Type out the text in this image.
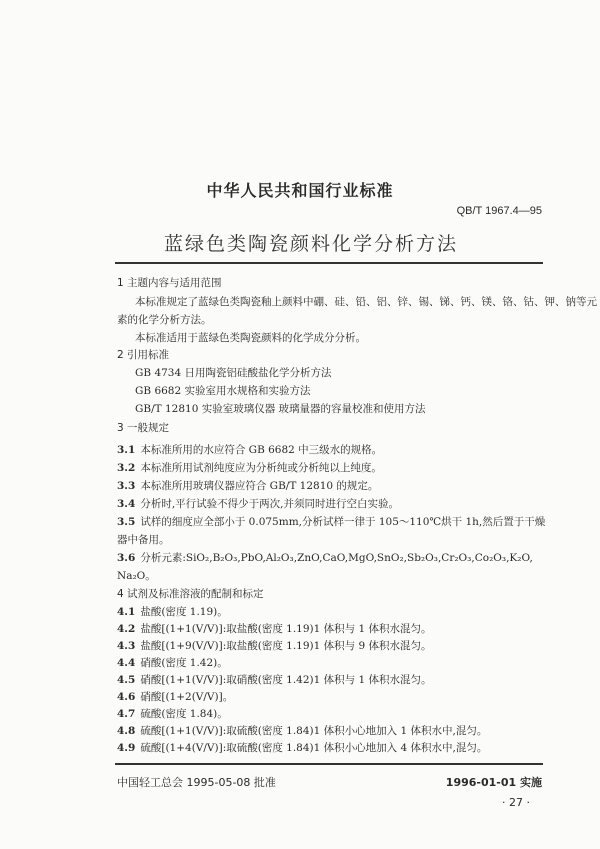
中华人民共和国行业标准
QB/T 1967.4—95
蓝绿色类陶瓷颜料化学分析方法
1 主题内容与适用范围
本标准规定了蓝绿色类陶瓷釉上颜料中硼、硅、铅、铝、锌、锡、锑、钙、镁、铬、钴、钾、钠等元
素的化学分析方法。
本标准适用于蓝绿色类陶瓷颜料的化学成分分析。
2 引用标准
GB 4734 日用陶瓷铝硅酸盐化学分析方法
GB 6682 实验室用水规格和实验方法
GB/T 12810 实验室玻璃仪器 玻璃量器的容量校准和使用方法
3 一般规定
3.1 本标准所用的水应符合 GB 6682 中三级水的规格。
3.2 本标准所用试剂纯度应为分析纯或分析纯以上纯度。
3.3 本标准所用玻璃仪器应符合 GB/T 12810 的规定。
3.4 分析时,平行试验不得少于两次,并须同时进行空白实验。
3.5 试样的细度应全部小于 0.075mm,分析试样一律于 105～110℃烘干 1h,然后置于干燥
器中备用。
3.6 分析元素:SiO₂,B₂O₃,PbO,Al₂O₃,ZnO,CaO,MgO,SnO₂,Sb₂O₃,Cr₂O₃,Co₂O₃,K₂O,
Na₂O。
4 试剂及标准溶液的配制和标定
4.1 盐酸(密度 1.19)。
4.2 盐酸[(1+1(V/V)]:取盐酸(密度 1.19)1 体积与 1 体积水混匀。
4.3 盐酸[(1+9(V/V)]:取盐酸(密度 1.19)1 体积与 9 体积水混匀。
4.4 硝酸(密度 1.42)。
4.5 硝酸[(1+1(V/V)]:取硝酸(密度 1.42)1 体积与 1 体积水混匀。
4.6 硝酸[(1+2(V/V)]。
4.7 硫酸(密度 1.84)。
4.8 硫酸[(1+1(V/V)]:取硫酸(密度 1.84)1 体积小心地加入 1 体积水中,混匀。
4.9 硫酸[(1+4(V/V)]:取硫酸(密度 1.84)1 体积小心地加入 4 体积水中,混匀。
中国轻工总会 1995-05-08 批准	1996-01-01 实施
· 27 ·
